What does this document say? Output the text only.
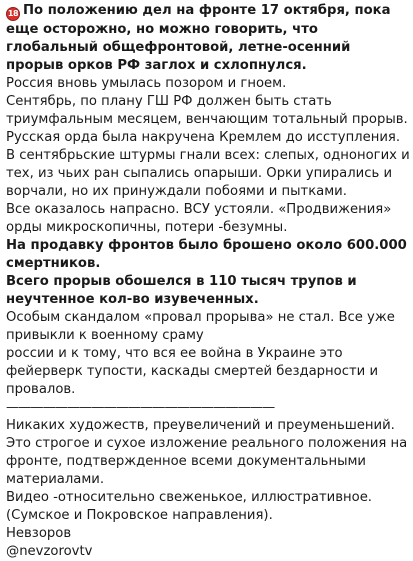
18 По положению дел на фронте 17 октября, пока еще осторожно, но можно говорить, что глобальный общефронтовой, летне-осенний прорыв орков РФ заглох и схлопнулся.

Россия вновь умылась позором и гноем.

Сентябрь, по плану ГШ РФ должен быть стать триумфальным месяцем, венчающим тотальный прорыв.

Русская орда была накручена Кремлем до исступления. В сентябрьские штурмы гнали всех: слепых, одноногих и тех, из чьих ран сыпались опарыши. Орки упирались и ворчали, но их принуждали побоями и пытками.

Все оказалось напрасно. ВСУ устояли. «Продвижения» орды микроскопичны, потери -безумны.

На продавку фронтов было брошено около 600.000 смертников.

Всего прорыв обошелся в 110 тысяч трупов и неучтенное кол-во изувеченных.

Особым скандалом «провал прорыва» не стал. Все уже привыкли к военному сраму

россии и к тому, что вся ее война в Украине это фейерверк тупости, каскады смертей бездарности и провалов.

——————————————————————

Никаких художеств, преувеличений и преуменьшений. Это строгое и сухое изложение реального положения на фронте, подтвержденное всеми документальными материалами.

Видео -относительно свеженькое, иллюстративное.(Сумское и Покровское направления).

Невзоров

@nevzorovtv
